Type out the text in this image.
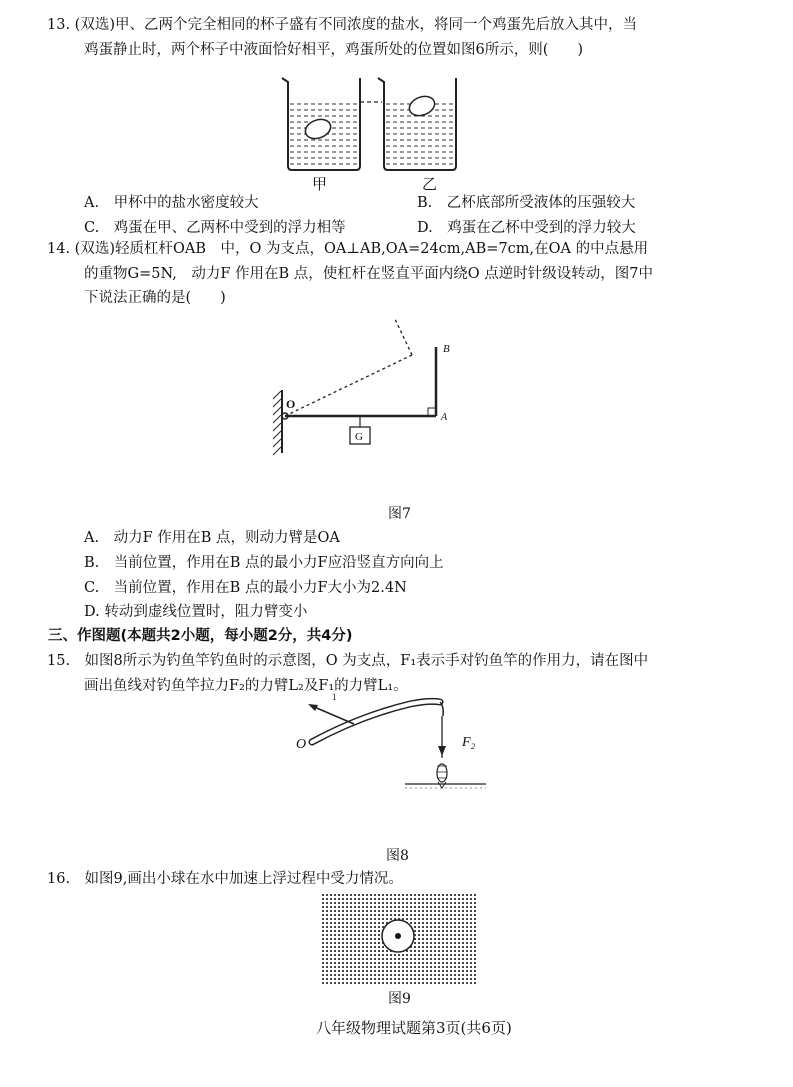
13. (双选)甲、乙两个完全相同的杯子盛有不同浓度的盐水，将同一个鸡蛋先后放入其中，当
鸡蛋静止时，两个杯子中液面恰好相平，鸡蛋所处的位置如图6所示，则(　　)
甲	乙
A.　甲杯中的盐水密度较大	B.　乙杯底部所受液体的压强较大
C.　鸡蛋在甲、乙两杯中受到的浮力相等	D.　鸡蛋在乙杯中受到的浮力较大
14. (双选)轻质杠杆OAB　中，O 为支点，OA⊥AB,OA=24cm,AB=7cm,在OA 的中点悬用
的重物G=5N,　动力F 作用在B 点，使杠杆在竖直平面内绕O 点逆时针级设转动，图7中
下说法正确的是(　　)
G
O
A
B
图7
A.　动力F 作用在B 点，则动力臂是OA
B.　当前位置，作用在B 点的最小力F应沿竖直方向向上
C.　当前位置，作用在B 点的最小力F大小为2.4N
D. 转动到虚线位置时，阻力臂变小
三、作图题(本题共2小题，每小题2分，共4分)
15.　如图8所示为钓鱼竿钓鱼时的示意图，O 为支点，F₁表示手对钓鱼竿的作用力，请在图中
画出鱼线对钓鱼竿拉力F₂的力臂L₂及F₁的力臂L₁。
1
F₂
O
图8
16.　如图9,画出小球在水中加速上浮过程中受力情况。
图9
八年级物理试题第3页(共6页)
